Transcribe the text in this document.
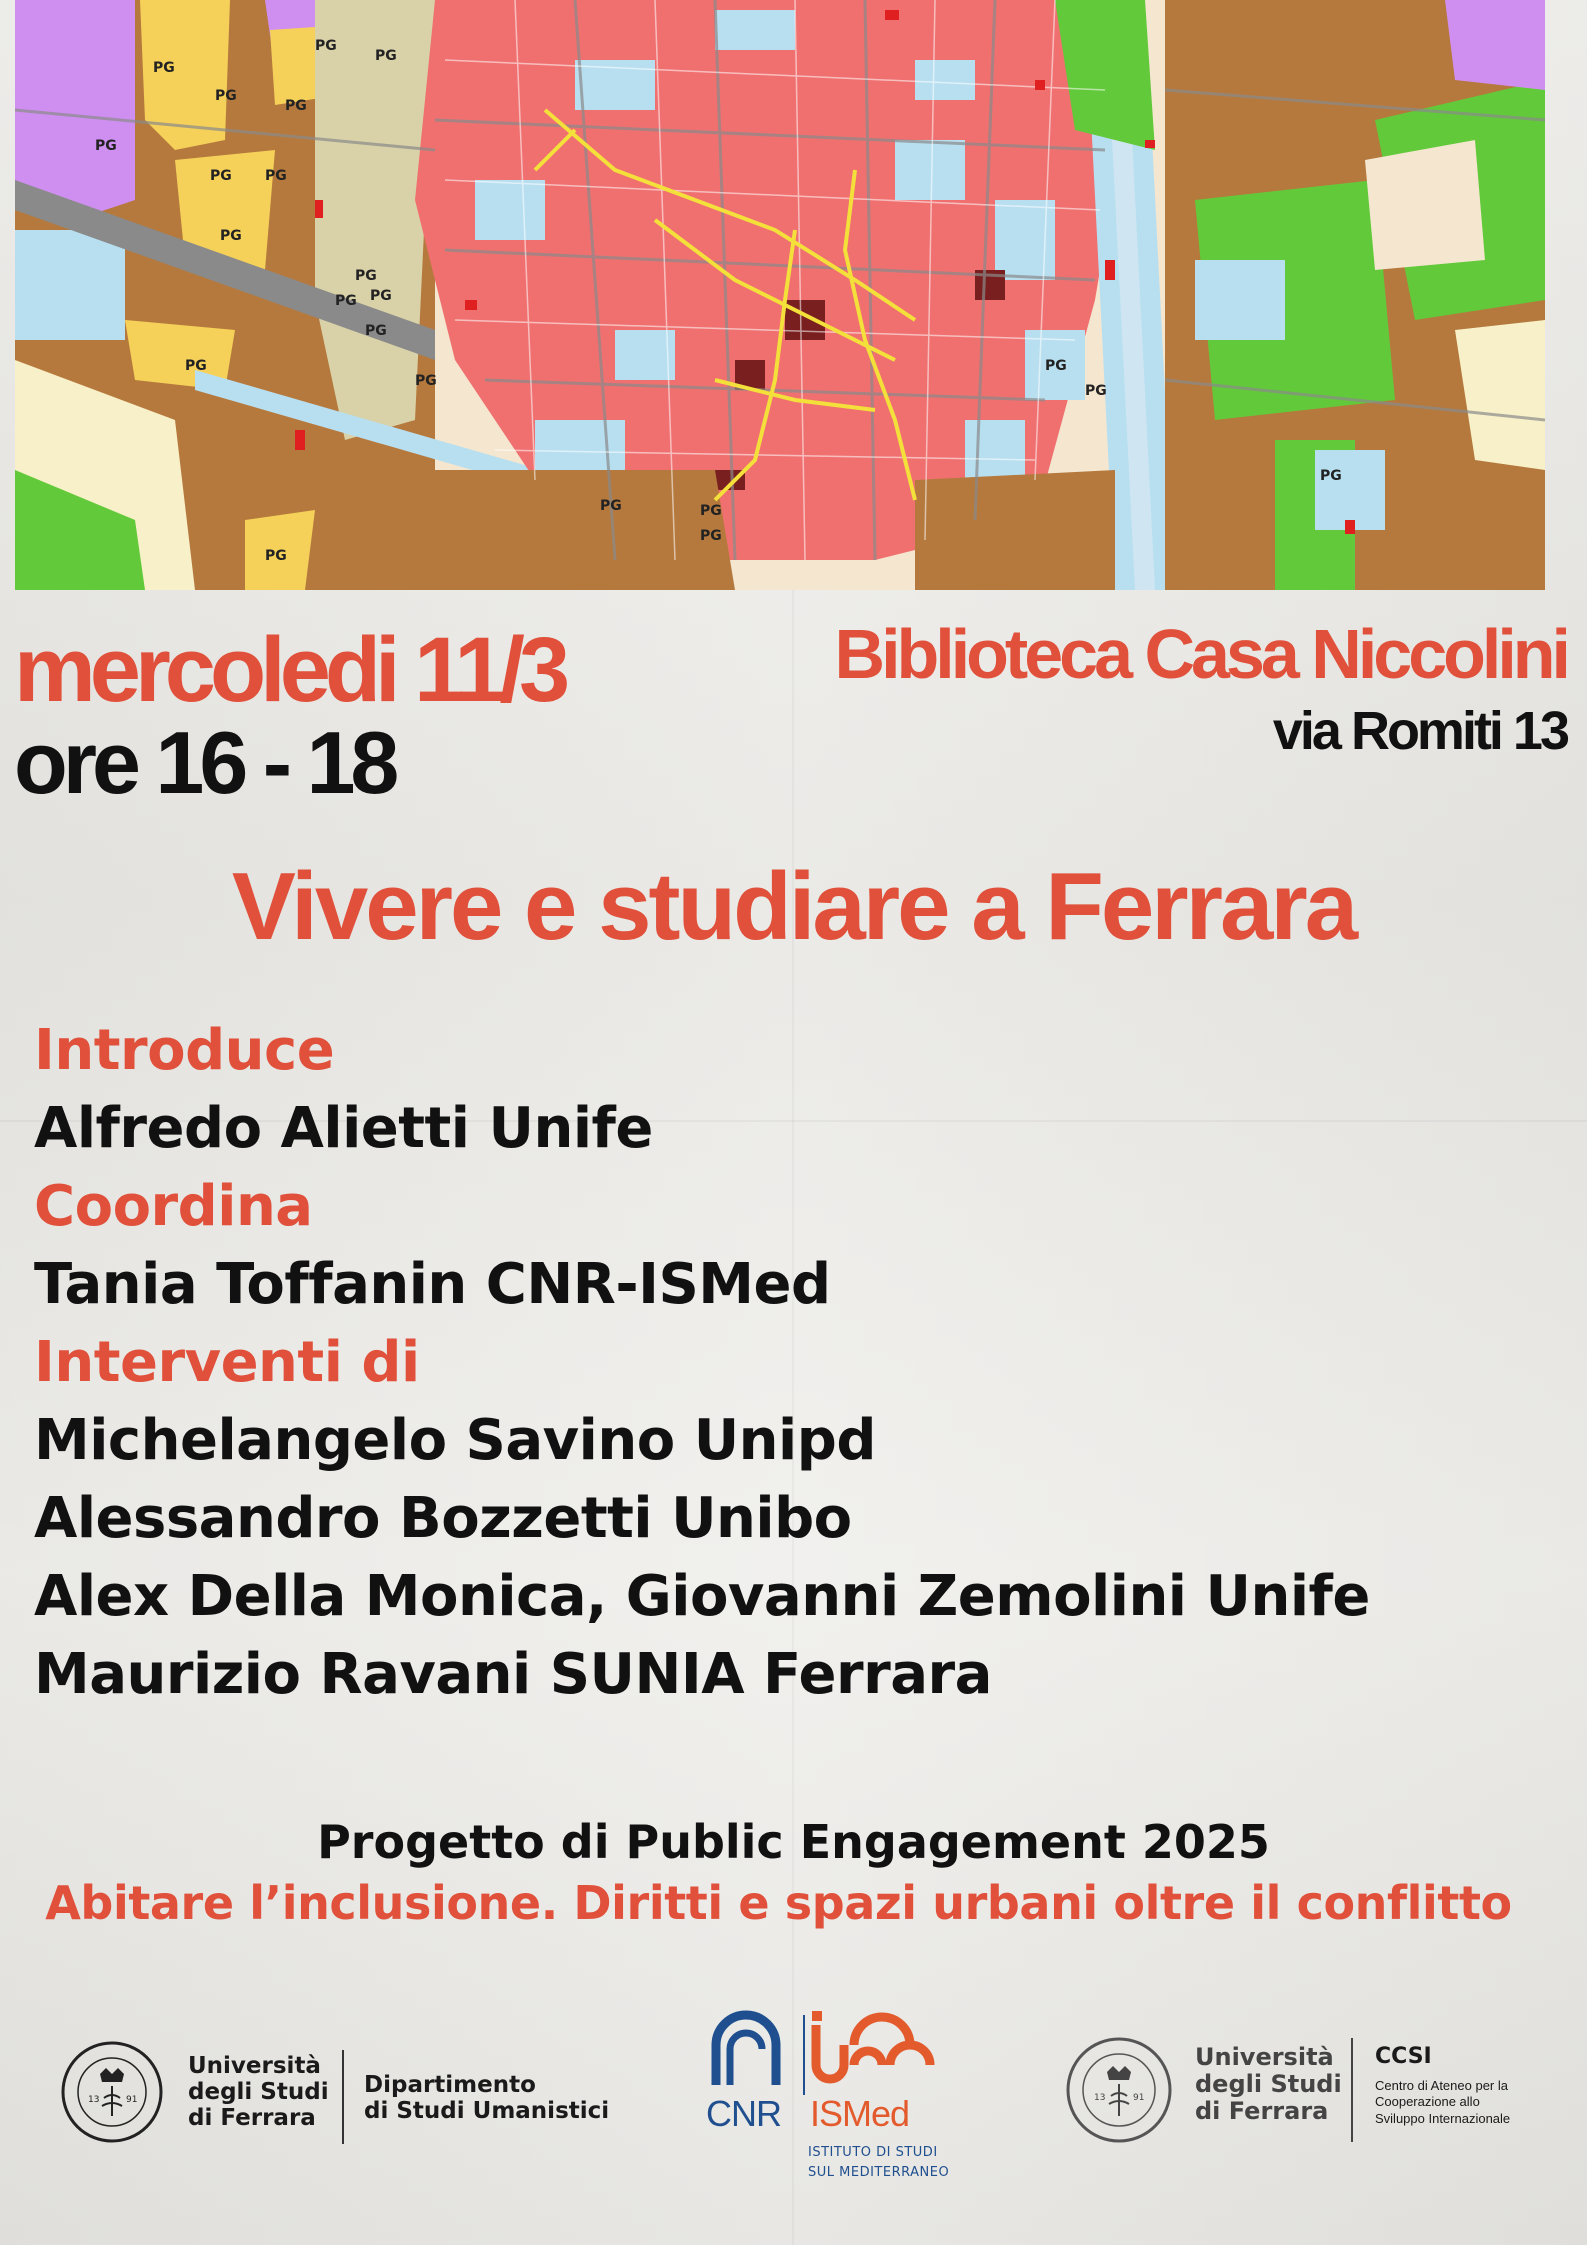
PG
PG
PG
PG
PG
PG
PG PG
PG
PG
PG
PG
PG
PG
PG
PG
PG	PG
PG
PG
PG
PG
mercoledi 11/3
ore 16 - 18
Biblioteca Casa Niccolini
via Romiti 13
Vivere e studiare a Ferrara
Introduce
Alfredo Alietti Unife
Coordina
Tania Toffanin CNR-ISMed
Interventi di
Michelangelo Savino Unipd
Alessandro Bozzetti Unibo
Alex Della Monica, Giovanni Zemolini Unife
Maurizio Ravani SUNIA Ferrara
Progetto di Public Engagement 2025
Abitare l’inclusione. Diritti e spazi urbani oltre il conflitto
13	91
Università
degli Studi
di Ferrara
Dipartimento
di Studi Umanistici	CNR ISMed
ISTITUTO DI STUDI
SUL MEDITERRANEO
13	91
Università
degli Studi
di Ferrara
CCSI
Centro di Ateneo per la
Cooperazione allo
Sviluppo Internazionale
